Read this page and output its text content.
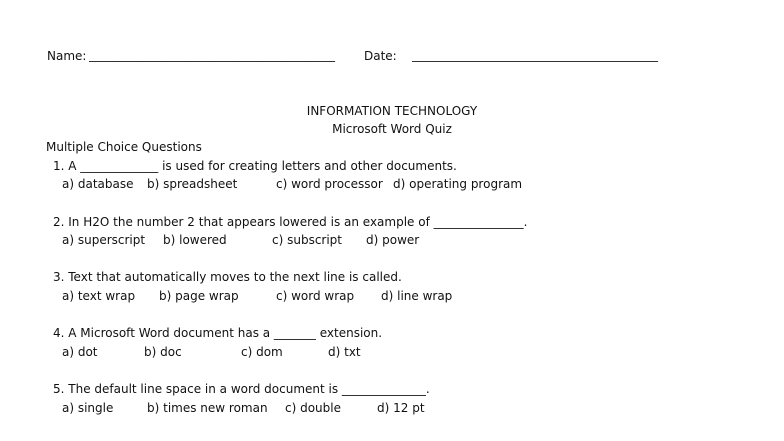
Name: _________________________________________	Date: _________________________________________
INFORMATION TECHNOLOGY
Microsoft Word Quiz
Multiple Choice Questions
1. A _____________ is used for creating letters and other documents.
a) database b) spreadsheet	c) word processor d) operating program
2. In H2O the number 2 that appears lowered is an example of _______________.
a) superscript b) lowered	c) subscript d) power
3. Text that automatically moves to the next line is called.
a) text wrap b) page wrap	c) word wrap d) line wrap
4. A Microsoft Word document has a _______ extension.
a) dot	b) doc	c) dom	d) txt
5. The default line space in a word document is ______________.
a) single	b) times new roman c) double	d) 12 pt
